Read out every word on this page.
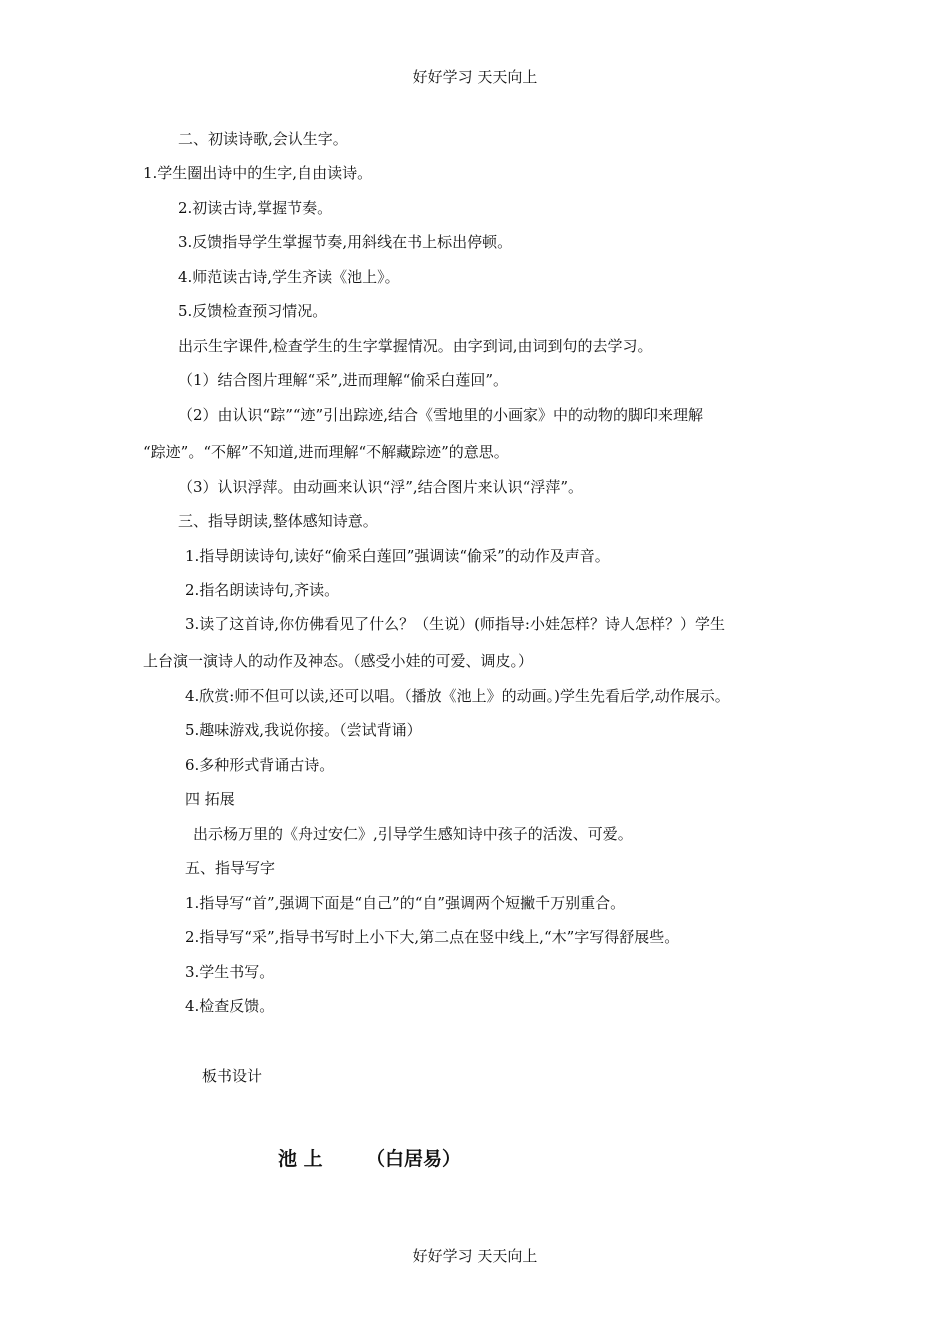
好好学习 天天向上
二、初读诗歌,会认生字。
1.学生圈出诗中的生字,自由读诗。
2.初读古诗,掌握节奏。
3.反馈指导学生掌握节奏,用斜线在书上标出停顿。
4.师范读古诗,学生齐读《池上》。
5.反馈检查预习情况。
出示生字课件,检查学生的生字掌握情况。由字到词,由词到句的去学习。
（1）结合图片理解“采”,进而理解“偷采白莲回”。
（2）由认识“踪”“迹”引出踪迹,结合《雪地里的小画家》中的动物的脚印来理解
“踪迹”。“不解”不知道,进而理解“不解藏踪迹”的意思。
（3）认识浮萍。由动画来认识“浮”,结合图片来认识“浮萍”。
三、指导朗读,整体感知诗意。
1.指导朗读诗句,读好“偷采白莲回”强调读“偷采”的动作及声音。
2.指名朗读诗句,齐读。
3.读了这首诗,你仿佛看见了什么？（生说）(师指导:小娃怎样？诗人怎样？）学生
上台演一演诗人的动作及神态。（感受小娃的可爱、调皮。）
4.欣赏:师不但可以读,还可以唱。（播放《池上》的动画。)学生先看后学,动作展示。
5.趣味游戏,我说你接。（尝试背诵）
6.多种形式背诵古诗。
四 拓展
出示杨万里的《舟过安仁》,引导学生感知诗中孩子的活泼、可爱。
五、指导写字
1.指导写“首”,强调下面是“自己”的“自”强调两个短撇千万别重合。
2.指导写“采”,指导书写时上小下大,第二点在竖中线上,“木”字写得舒展些。
3.学生书写。
4.检查反馈。
板书设计
池 上 （白居易）
好好学习 天天向上
